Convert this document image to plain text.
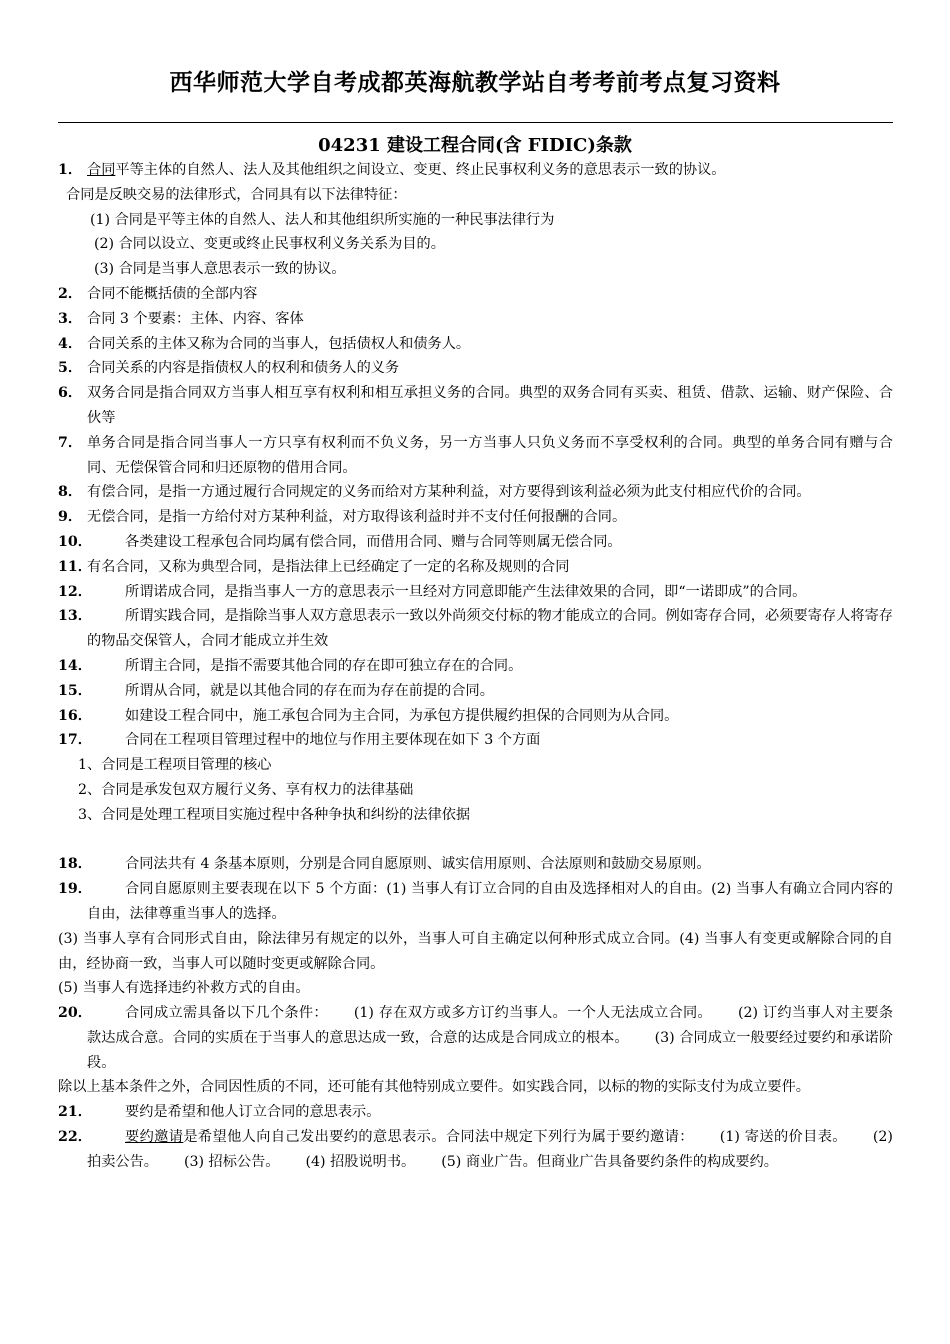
西华师范大学自考成都英海航教学站自考考前考点复习资料
04231 建设工程合同(含 FIDIC)条款
1． 合同平等主体的自然人、法人及其他组织之间设立、变更、终止民事权利义务的意思表示一致的协议。
合同是反映交易的法律形式，合同具有以下法律特征：
(1) 合同是平等主体的自然人、法人和其他组织所实施的一种民事法律行为
(2) 合同以设立、变更或终止民事权利义务关系为目的。
(3) 合同是当事人意思表示一致的协议。
2． 合同不能概括债的全部内容
3． 合同 3 个要素：主体、内容、客体
4． 合同关系的主体又称为合同的当事人，包括债权人和债务人。
5． 合同关系的内容是指债权人的权利和债务人的义务
6． 双务合同是指合同双方当事人相互享有权利和相互承担义务的合同。典型的双务合同有买卖、租赁、借款、运输、财产保险、合伙等
7． 单务合同是指合同当事人一方只享有权利而不负义务，另一方当事人只负义务而不享受权利的合同。典型的单务合同有赠与合同、无偿保管合同和归还原物的借用合同。
8． 有偿合同，是指一方通过履行合同规定的义务而给对方某种利益，对方要得到该利益必须为此支付相应代价的合同。
9． 无偿合同，是指一方给付对方某种利益，对方取得该利益时并不支付任何报酬的合同。
10． 各类建设工程承包合同均属有偿合同，而借用合同、赠与合同等则属无偿合同。
11．
有名合同，又称为典型合同，是指法律上已经确定了一定的名称及规则的合同
12． 所谓诺成合同，是指当事人一方的意思表示一旦经对方同意即能产生法律效果的合同，即“一诺即成”的合同。
13． 所谓实践合同，是指除当事人双方意思表示一致以外尚须交付标的物才能成立的合同。例如寄存合同，必须要寄存人将寄存的物品交保管人，合同才能成立并生效
14． 所谓主合同，是指不需要其他合同的存在即可独立存在的合同。
15． 所谓从合同，就是以其他合同的存在而为存在前提的合同。
16． 如建设工程合同中，施工承包合同为主合同，为承包方提供履约担保的合同则为从合同。
17． 合同在工程项目管理过程中的地位与作用主要体现在如下 3 个方面
1、合同是工程项目管理的核心
2、合同是承发包双方履行义务、享有权力的法律基础
3、合同是处理工程项目实施过程中各种争执和纠纷的法律依据
18． 合同法共有 4 条基本原则，分别是合同自愿原则、诚实信用原则、合法原则和鼓励交易原则。
19． 合同自愿原则主要表现在以下 5 个方面：(1) 当事人有订立合同的自由及选择相对人的自由。(2) 当事人有确立合同内容的自由，法律尊重当事人的选择。
(3) 当事人享有合同形式自由，除法律另有规定的以外，当事人可自主确定以何种形式成立合同。(4) 当事人有变更或解除合同的自由，经协商一致，当事人可以随时变更或解除合同。
(5) 当事人有选择违约补救方式的自由。
20． 合同成立需具备以下几个条件： (1) 存在双方或多方订约当事人。一个人无法成立合同。 (2) 订约当事人对主要条款达成合意。合同的实质在于当事人的意思达成一致，合意的达成是合同成立的根本。 (3) 合同成立一般要经过要约和承诺阶段。
除以上基本条件之外，合同因性质的不同，还可能有其他特别成立要件。如实践合同，以标的物的实际支付为成立要件。
21． 要约是希望和他人订立合同的意思表示。
22． 要约邀请是希望他人向自己发出要约的意思表示。合同法中规定下列行为属于要约邀请： (1) 寄送的价目表。 (2) 拍卖公告。 (3) 招标公告。 (4) 招股说明书。 (5) 商业广告。但商业广告具备要约条件的构成要约。
